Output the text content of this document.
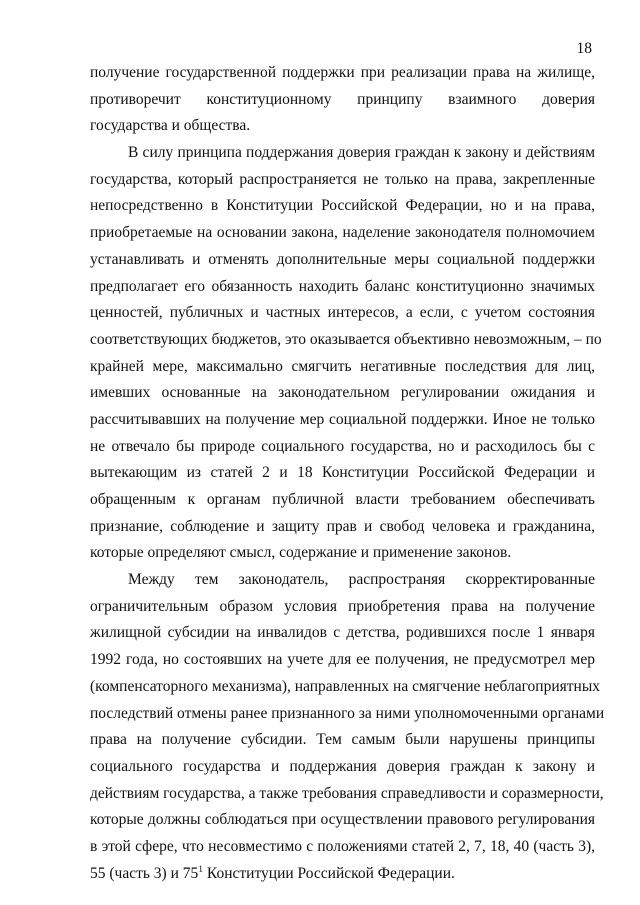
18
получение государственной поддержки при реализации права на жилище,
противоречит конституционному принципу взаимного доверия
государства и общества.
В силу принципа поддержания доверия граждан к закону и действиям
государства, который распространяется не только на права, закрепленные
непосредственно в Конституции Российской Федерации, но и на права,
приобретаемые на основании закона, наделение законодателя полномочием
устанавливать и отменять дополнительные меры социальной поддержки
предполагает его обязанность находить баланс конституционно значимых
ценностей, публичных и частных интересов, а если, с учетом состояния
соответствующих бюджетов, это оказывается объективно невозможным, – по
крайней мере, максимально смягчить негативные последствия для лиц,
имевших основанные на законодательном регулировании ожидания и
рассчитывавших на получение мер социальной поддержки. Иное не только
не отвечало бы природе социального государства, но и расходилось бы с
вытекающим из статей 2 и 18 Конституции Российской Федерации и
обращенным к органам публичной власти требованием обеспечивать
признание, соблюдение и защиту прав и свобод человека и гражданина,
которые определяют смысл, содержание и применение законов.
Между тем законодатель, распространяя скорректированные
ограничительным образом условия приобретения права на получение
жилищной субсидии на инвалидов с детства, родившихся после 1 января
1992 года, но состоявших на учете для ее получения, не предусмотрел мер
(компенсаторного механизма), направленных на смягчение неблагоприятных
последствий отмены ранее признанного за ними уполномоченными органами
права на получение субсидии. Тем самым были нарушены принципы
социального государства и поддержания доверия граждан к закону и
действиям государства, а также требования справедливости и соразмерности,
которые должны соблюдаться при осуществлении правового регулирования
в этой сфере, что несовместимо с положениями статей 2, 7, 18, 40 (часть 3),
55 (часть 3) и $75^1$ Конституции Российской Федерации.
